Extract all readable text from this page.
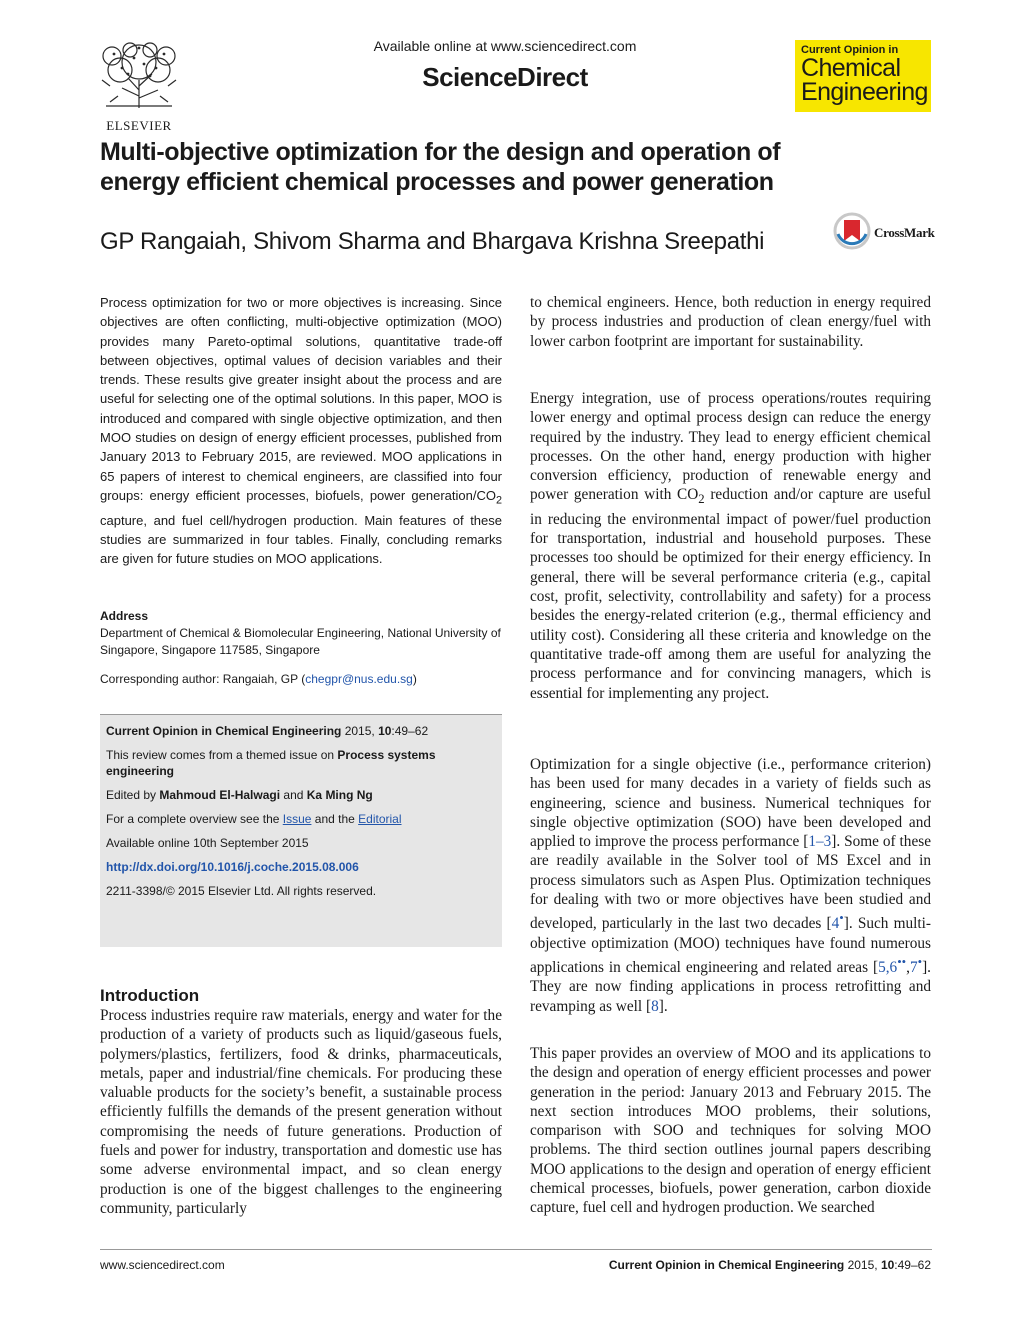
ELSEVIER
Available online at www.sciencedirect.com
ScienceDirect
Current Opinion in
Chemical
Engineering
Multi-objective optimization for the design and operation of energy efficient chemical processes and power generation
GP Rangaiah, Shivom Sharma and Bhargava Krishna Sreepathi	CrossMark

Process optimization for two or more objectives is increasing. Since objectives are often conflicting, multi-objective optimization (MOO) provides many Pareto-optimal solutions, quantitative trade-off between objectives, optimal values of decision variables and their trends. These results give greater insight about the process and are useful for selecting one of the optimal solutions. In this paper, MOO is introduced and compared with single objective optimization, and then MOO studies on design of energy efficient processes, published from January 2013 to February 2015, are reviewed. MOO applications in 65 papers of interest to chemical engineers, are classified into four groups: energy efficient processes, biofuels, power generation/$CO_2$ capture, and fuel cell/hydrogen production. Main features of these studies are summarized in four tables. Finally, concluding remarks are given for future studies on MOO applications.

Address

Department of Chemical & Biomolecular Engineering, National University of Singapore, Singapore 117585, Singapore

Corresponding author: Rangaiah, GP (chegpr@nus.edu.sg)
Current Opinion in Chemical Engineering 2015, 10:49–62
This review comes from a themed issue on Process systems engineering
Edited by Mahmoud El-Halwagi and Ka Ming Ng
For a complete overview see the Issue and the Editorial
Available online 10th September 2015
http://dx.doi.org/10.1016/j.coche.2015.08.006
2211-3398/© 2015 Elsevier Ltd. All rights reserved.
Introduction

Process industries require raw materials, energy and water for the production of a variety of products such as liquid/gaseous fuels, polymers/plastics, fertilizers, food & drinks, pharmaceuticals, metals, paper and industrial/fine chemicals. For producing these valuable products for the society’s benefit, a sustainable process efficiently fulfills the demands of the present generation without compromising the needs of future generations. Production of fuels and power for industry, transportation and domestic use has some adverse environmental impact, and so clean energy production is one of the biggest challenges to the engineering community, particularly

to chemical engineers. Hence, both reduction in energy required by process industries and production of clean energy/fuel with lower carbon footprint are important for sustainability.

Energy integration, use of process operations/routes requiring lower energy and optimal process design can reduce the energy required by the industry. They lead to energy efficient chemical processes. On the other hand, energy production with higher conversion efficiency, production of renewable energy and power generation with $CO_2$ reduction and/or capture are useful in reducing the environmental impact of power/fuel production for transportation, industrial and household purposes. These processes too should be optimized for their energy efficiency. In general, there will be several performance criteria (e.g., capital cost, profit, selectivity, controllability and safety) for a process besides the energy-related criterion (e.g., thermal efficiency and utility cost). Considering all these criteria and knowledge on the quantitative trade-off among them are useful for analyzing the process performance and for convincing managers, which is essential for implementing any project.

Optimization for a single objective (i.e., performance criterion) has been used for many decades in a variety of fields such as engineering, science and business. Numerical techniques for single objective optimization (SOO) have been developed and applied to improve the process performance [1–3]. Some of these are readily available in the Solver tool of MS Excel and in process simulators such as Aspen Plus. Optimization techniques for dealing with two or more objectives have been studied and developed, particularly in the last two decades [4•]. Such multi-objective optimization (MOO) techniques have found numerous applications in chemical engineering and related areas [5,6••,7•]. They are now finding applications in process retrofitting and revamping as well [8].

This paper provides an overview of MOO and its applications to the design and operation of energy efficient processes and power generation in the period: January 2013 and February 2015. The next section introduces MOO problems, their solutions, comparison with SOO and techniques for solving MOO problems. The third section outlines journal papers describing MOO applications to the design and operation of energy efficient chemical processes, biofuels, power generation, carbon dioxide capture, fuel cell and hydrogen production. We searched

www.sciencedirect.com	Current Opinion in Chemical Engineering 2015, 10:49–62
